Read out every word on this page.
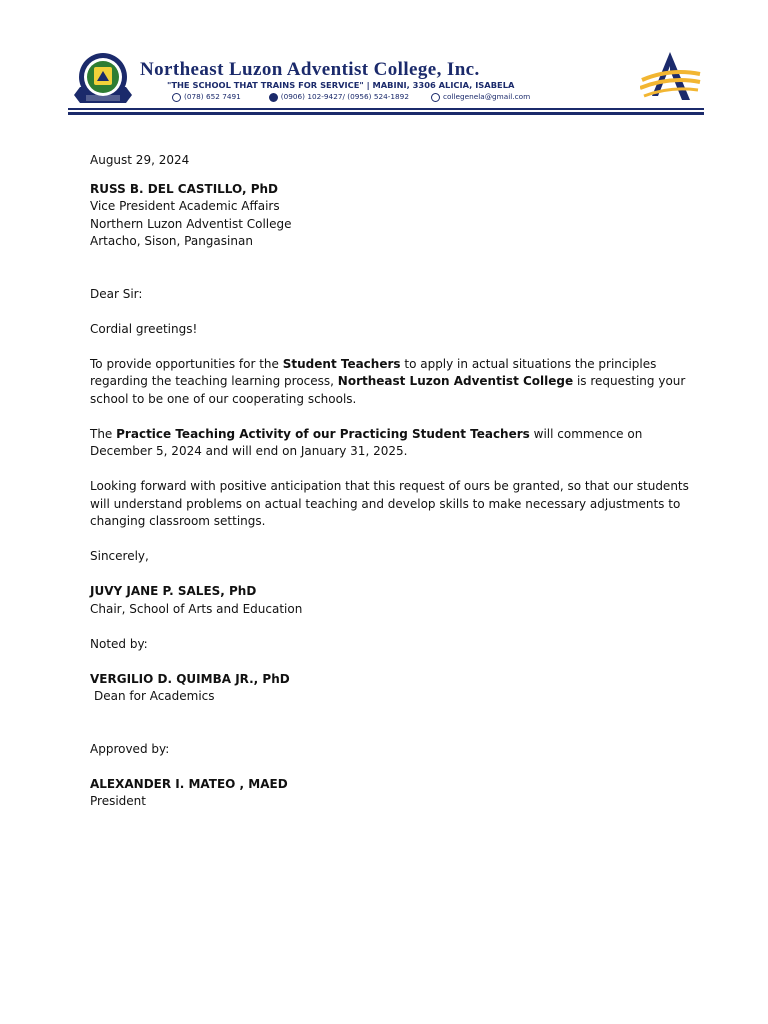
Northeast Luzon Adventist College, Inc.
"THE SCHOOL THAT TRAINS FOR SERVICE" | MABINI, 3306 ALICIA, ISABELA
(078) 652 7491	(0906) 102-9427/ (0956) 524-1892	collegenela@gmail.com

August 29, 2024

RUSS B. DEL CASTILLO, PhD

Vice President Academic Affairs

Northern Luzon Adventist College

Artacho, Sison, Pangasinan

Dear Sir:

Cordial greetings!

To provide opportunities for the Student Teachers to apply in actual situations the principles regarding the teaching learning process, Northeast Luzon Adventist College is requesting your school to be one of our cooperating schools.

The Practice Teaching Activity of our Practicing Student Teachers will commence on December 5, 2024 and will end on January 31, 2025.

Looking forward with positive anticipation that this request of ours be granted, so that our students will understand problems on actual teaching and develop skills to make necessary adjustments to changing classroom settings.

Sincerely,

JUVY JANE P. SALES, PhD

Chair, School of Arts and Education

Noted by:

VERGILIO D. QUIMBA JR., PhD

Dean for Academics

Approved by:

ALEXANDER I. MATEO , MAED

President
